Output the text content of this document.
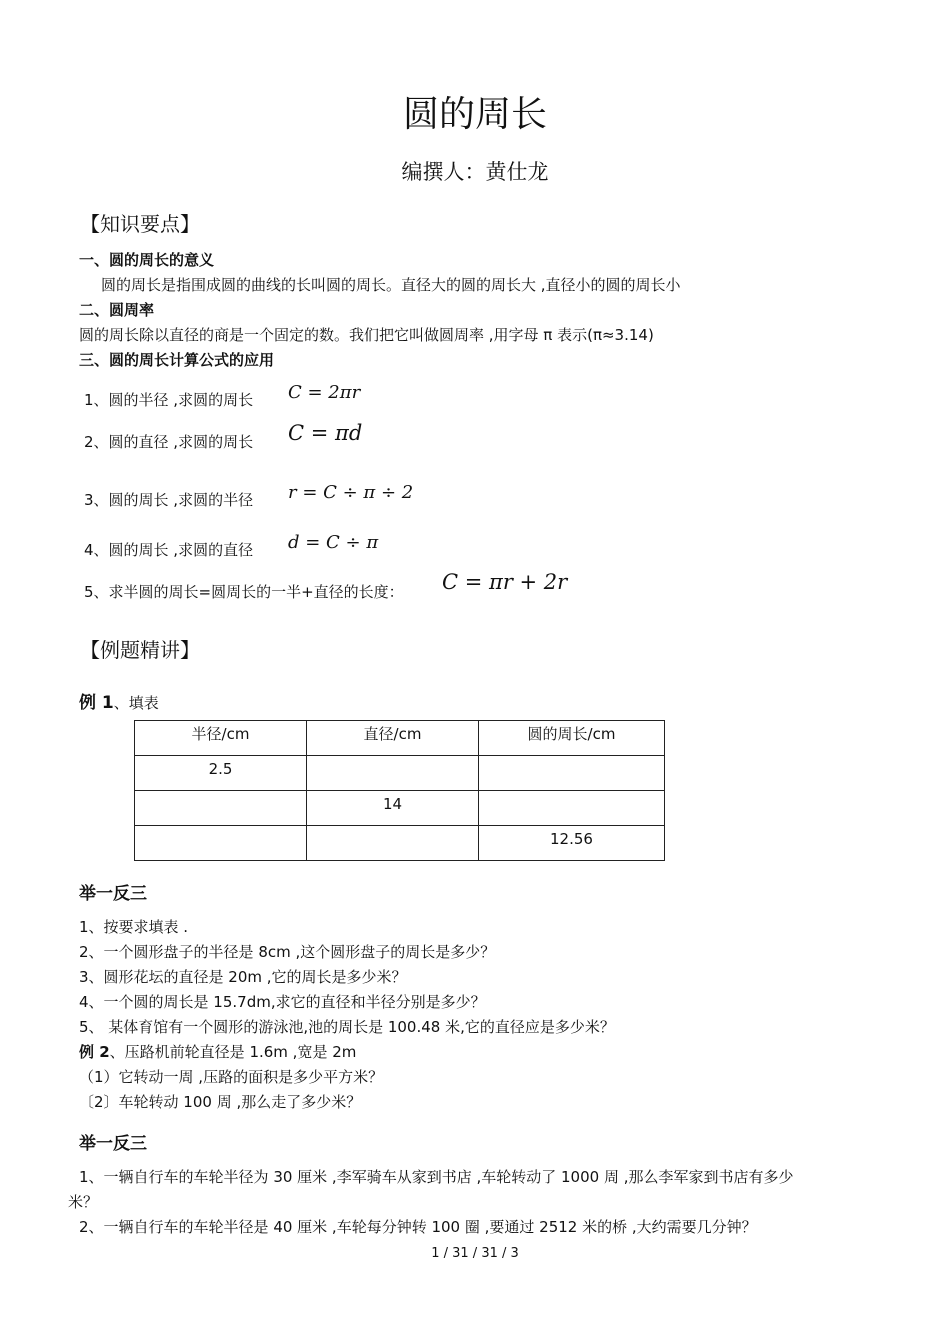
圆的周长
编撰人：黄仕龙
【知识要点】
一、圆的周长的意义
圆的周长是指围成圆的曲线的长叫圆的周长。直径大的圆的周长大 ,直径小的圆的周长小
二、圆周率
圆的周长除以直径的商是一个固定的数。我们把它叫做圆周率 ,用字母 π 表示(π≈3.14)
三、圆的周长计算公式的应用
1、圆的半径 ,求圆的周长 C = 2πr
2、圆的直径 ,求圆的周长 C = πd
3、圆的周长 ,求圆的半径 r = C ÷ π ÷ 2
4、圆的周长 ,求圆的直径 d = C ÷ π
5、求半圆的周长=圆周长的一半+直径的长度： C = πr + 2r
【例题精讲】
例 1、填表
半径/cm	直径/cm	圆的周长/cm
2.5		
	14	
		12.56
举一反三
1、按要求填表 .
2、一个圆形盘子的半径是 8cm ,这个圆形盘子的周长是多少？
3、圆形花坛的直径是 20m ,它的周长是多少米？
4、一个圆的周长是 15.7dm,求它的直径和半径分别是多少？
5、 某体育馆有一个圆形的游泳池,池的周长是 100.48 米,它的直径应是多少米？
例 2、压路机前轮直径是 1.6m ,宽是 2m
（1）它转动一周 ,压路的面积是多少平方米？
〔2〕车轮转动 100 周 ,那么走了多少米？
举一反三
1、一辆自行车的车轮半径为 30 厘米 ,李军骑车从家到书店 ,车轮转动了 1000 周 ,那么李军家到书店有多少
米？
2、一辆自行车的车轮半径是 40 厘米 ,车轮每分钟转 100 圈 ,要通过 2512 米的桥 ,大约需要几分钟？
1 / 31 / 31 / 3
